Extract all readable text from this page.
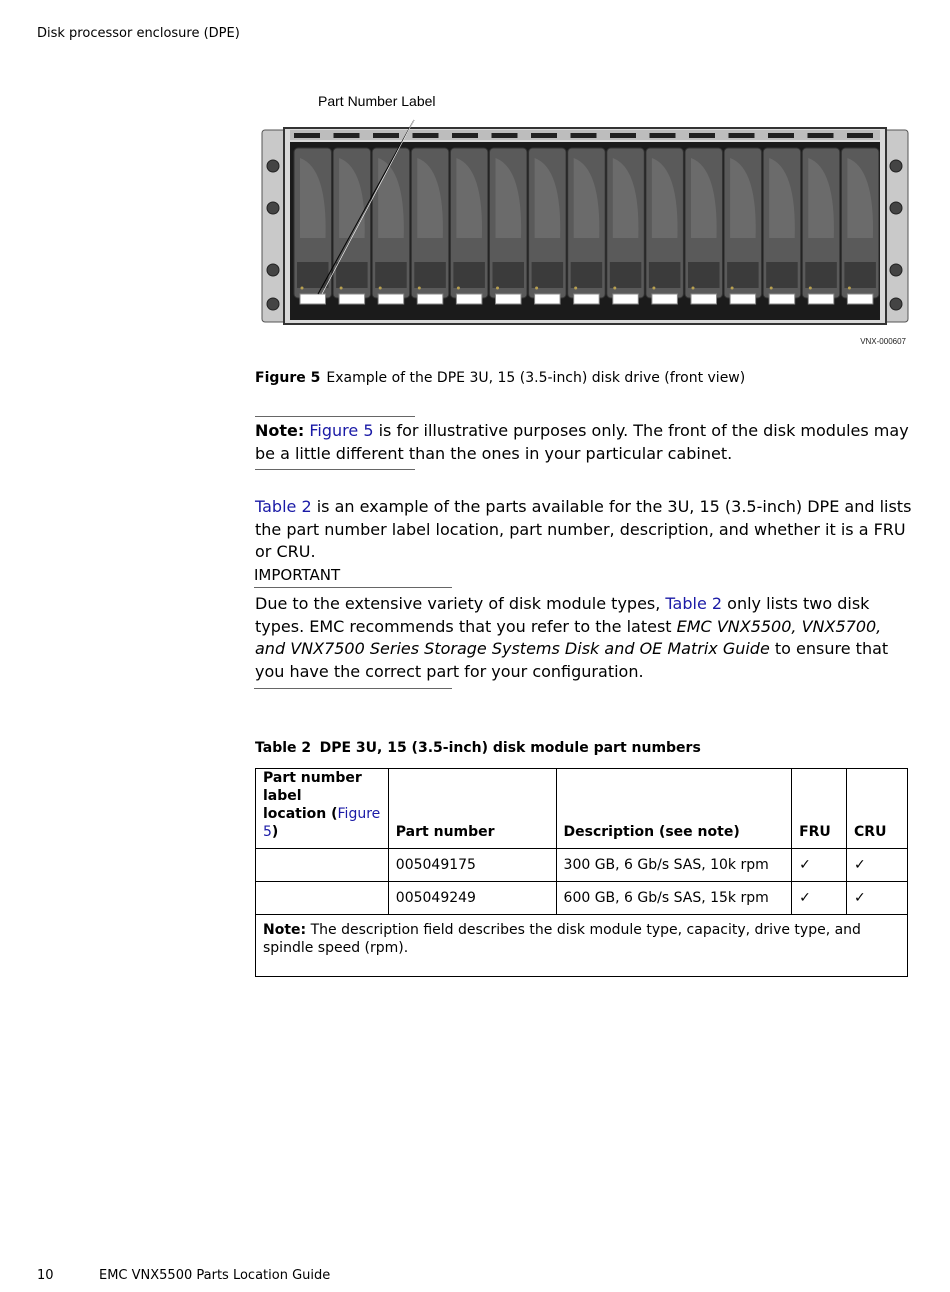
Disk processor enclosure (DPE)
Part Number Label
VNX-000607
Figure 5 Example of the DPE 3U, 15 (3.5-inch) disk drive (front view)
Note: Figure 5 is for illustrative purposes only. The front of the disk modules may be a little different than the ones in your particular cabinet.
Table 2 is an example of the parts available for the 3U, 15 (3.5-inch) DPE and lists the part number label location, part number, description, and whether it is a FRU or CRU.
IMPORTANT
Due to the extensive variety of disk module types, Table 2 only lists two disk types. EMC recommends that you refer to the latest EMC VNX5500, VNX5700, and VNX7500 Series Storage Systems Disk and OE Matrix Guide to ensure that you have the correct part for your configuration.
Table 2 DPE 3U, 15 (3.5-inch) disk module part numbers
Part number label
location (Figure 5)	Part number	Description (see note)	FRU	CRU
	005049175	300 GB, 6 Gb/s SAS, 10k rpm	✓	✓
	005049249	600 GB, 6 Gb/s SAS, 15k rpm	✓	✓
Note: The description field describes the disk module type, capacity, drive type, and spindle speed (rpm).				
10	EMC VNX5500 Parts Location Guide
